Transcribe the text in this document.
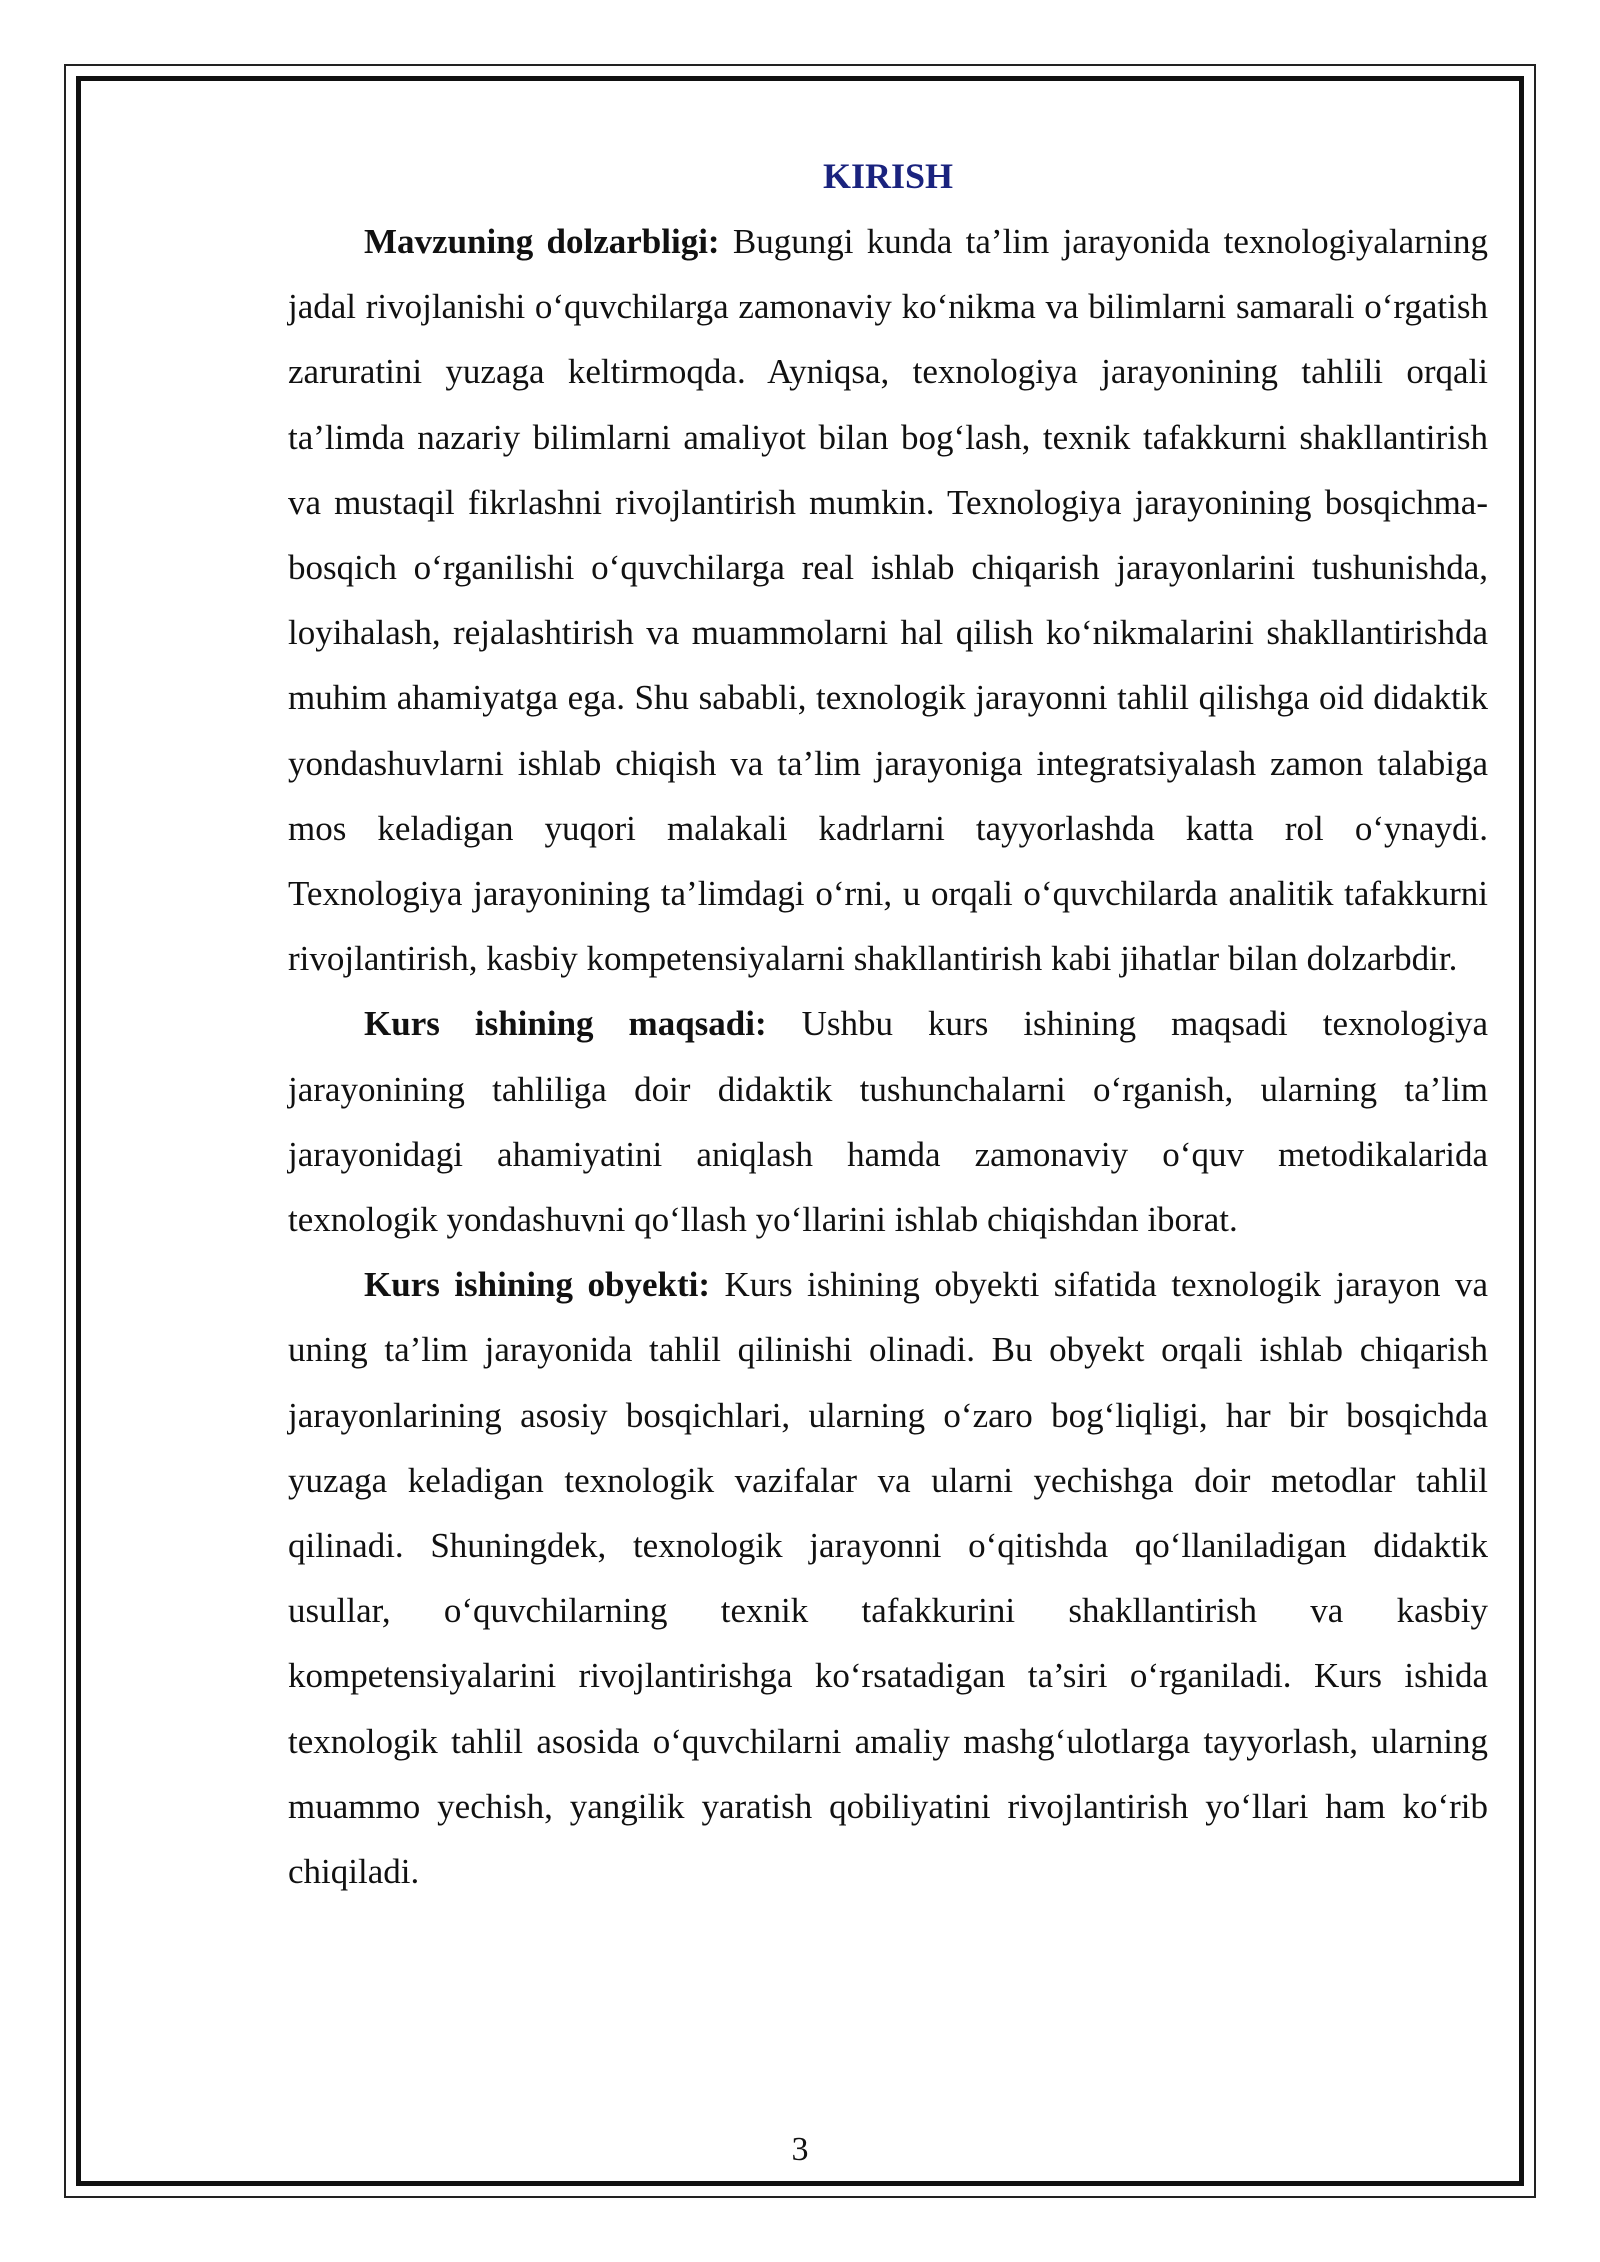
KIRISH

Mavzuning dolzarbligi: Bugungi kunda ta’lim jarayonida texnologiyalarning jadal rivojlanishi o‘quvchilarga zamonaviy ko‘nikma va bilimlarni samarali o‘rgatish zaruratini yuzaga keltirmoqda. Ayniqsa, texnologiya jarayonining tahlili orqali ta’limda nazariy bilimlarni amaliyot bilan bog‘lash, texnik tafakkurni shakllantirish va mustaqil fikrlashni rivojlantirish mumkin. Texnologiya jarayonining bosqichma-bosqich o‘rganilishi o‘quvchilarga real ishlab chiqarish jarayonlarini tushunishda, loyihalash, rejalashtirish va muammolarni hal qilish ko‘nikmalarini shakllantirishda muhim ahamiyatga ega. Shu sababli, texnologik jarayonni tahlil qilishga oid didaktik yondashuvlarni ishlab chiqish va ta’lim jarayoniga integratsiyalash zamon talabiga mos keladigan yuqori malakali kadrlarni tayyorlashda katta rol o‘ynaydi. Texnologiya jarayonining ta’limdagi o‘rni, u orqali o‘quvchilarda analitik tafakkurni rivojlantirish, kasbiy kompetensiyalarni shakllantirish kabi jihatlar bilan dolzarbdir.

Kurs ishining maqsadi: Ushbu kurs ishining maqsadi texnologiya jarayonining tahliliga doir didaktik tushunchalarni o‘rganish, ularning ta’lim jarayonidagi ahamiyatini aniqlash hamda zamonaviy o‘quv metodikalarida texnologik yondashuvni qo‘llash yo‘llarini ishlab chiqishdan iborat.

Kurs ishining obyekti: Kurs ishining obyekti sifatida texnologik jarayon va uning ta’lim jarayonida tahlil qilinishi olinadi. Bu obyekt orqali ishlab chiqarish jarayonlarining asosiy bosqichlari, ularning o‘zaro bog‘liqligi, har bir bosqichda yuzaga keladigan texnologik vazifalar va ularni yechishga doir metodlar tahlil qilinadi. Shuningdek, texnologik jarayonni o‘qitishda qo‘llaniladigan didaktik usullar, o‘quvchilarning texnik tafakkurini shakllantirish va kasbiy kompetensiyalarini rivojlantirishga ko‘rsatadigan ta’siri o‘rganiladi. Kurs ishida texnologik tahlil asosida o‘quvchilarni amaliy mashg‘ulotlarga tayyorlash, ularning muammo yechish, yangilik yaratish qobiliyatini rivojlantirish yo‘llari ham ko‘rib chiqiladi.

3
